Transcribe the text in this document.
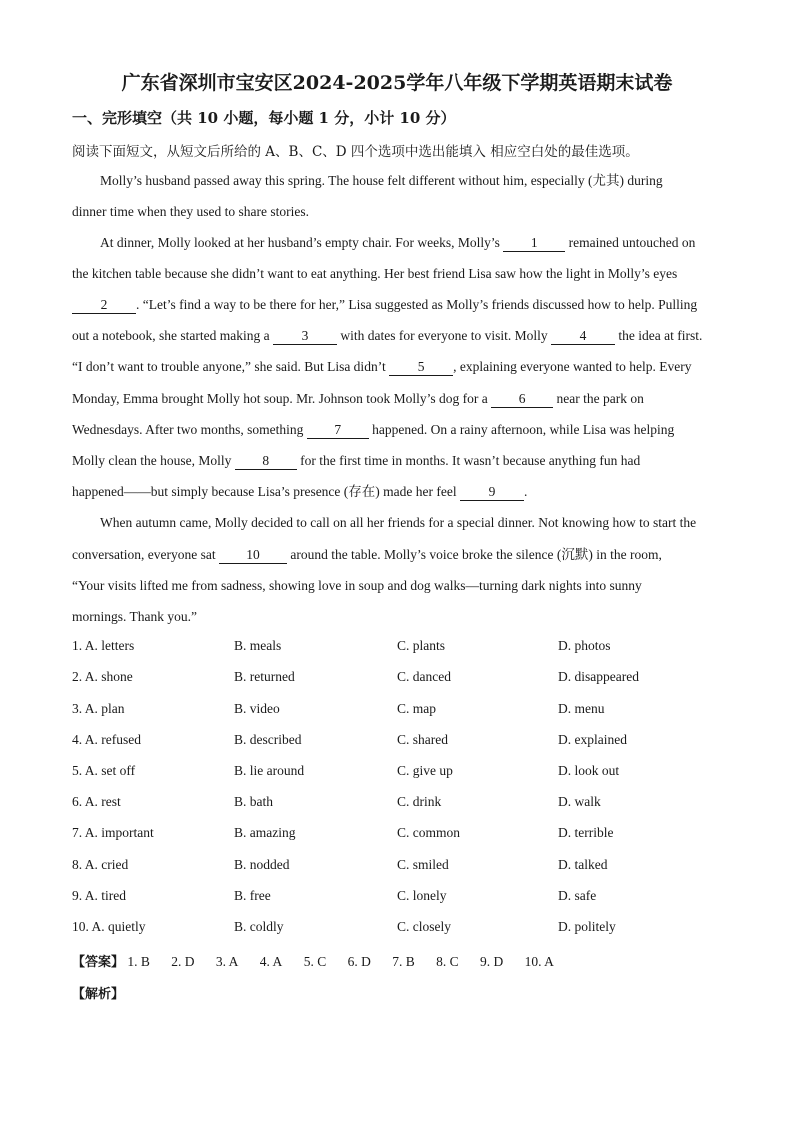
广东省深圳市宝安区2024-2025学年八年级下学期英语期末试卷
一、完形填空（共 10 小题，每小题 1 分，小计 10 分）
阅读下面短文，从短文后所给的 A、B、C、D 四个选项中选出能填入 相应空白处的最佳选项。
Molly’s husband passed away this spring. The house felt different without him, especially (尤其) during
dinner time when they used to share stories.
At dinner, Molly looked at her husband’s empty chair. For weeks, Molly’s 1 remained untouched on
the kitchen table because she didn’t want to eat anything. Her best friend Lisa saw how the light in Molly’s eyes
2 . “Let’s find a way to be there for her,” Lisa suggested as Molly’s friends discussed how to help. Pulling
out a notebook, she started making a 3 with dates for everyone to visit. Molly 4 the idea at first.
“I don’t want to trouble anyone,” she said. But Lisa didn’t 5 , explaining everyone wanted to help. Every
Monday, Emma brought Molly hot soup. Mr. Johnson took Molly’s dog for a 6 near the park on
Wednesdays. After two months, something 7 happened. On a rainy afternoon, while Lisa was helping
Molly clean the house, Molly 8 for the first time in months. It wasn’t because anything fun had
happened——but simply because Lisa’s presence (存在) made her feel 9 .
When autumn came, Molly decided to call on all her friends for a special dinner. Not knowing how to start the
conversation, everyone sat 10 around the table. Molly’s voice broke the silence (沉默) in the room,
“Your visits lifted me from sadness, showing love in soup and dog walks—turning dark nights into sunny
mornings. Thank you.”
1. A. letters	B. meals	C. plants	D. photos
2. A. shone	B. returned	C. danced	D. disappeared
3. A. plan	B. video	C. map	D. menu
4. A. refused	B. described	C. shared	D. explained
5. A. set off	B. lie around	C. give up	D. look out
6. A. rest	B. bath	C. drink	D. walk
7. A. important	B. amazing	C. common	D. terrible
8. A. cried	B. nodded	C. smiled	D. talked
9. A. tired	B. free	C. lonely	D. safe
10. A. quietly	B. coldly	C. closely	D. politely
【答案】 1. B 2. D 3. A 4. A 5. C 6. D 7. B 8. C 9. D 10. A
【解析】
